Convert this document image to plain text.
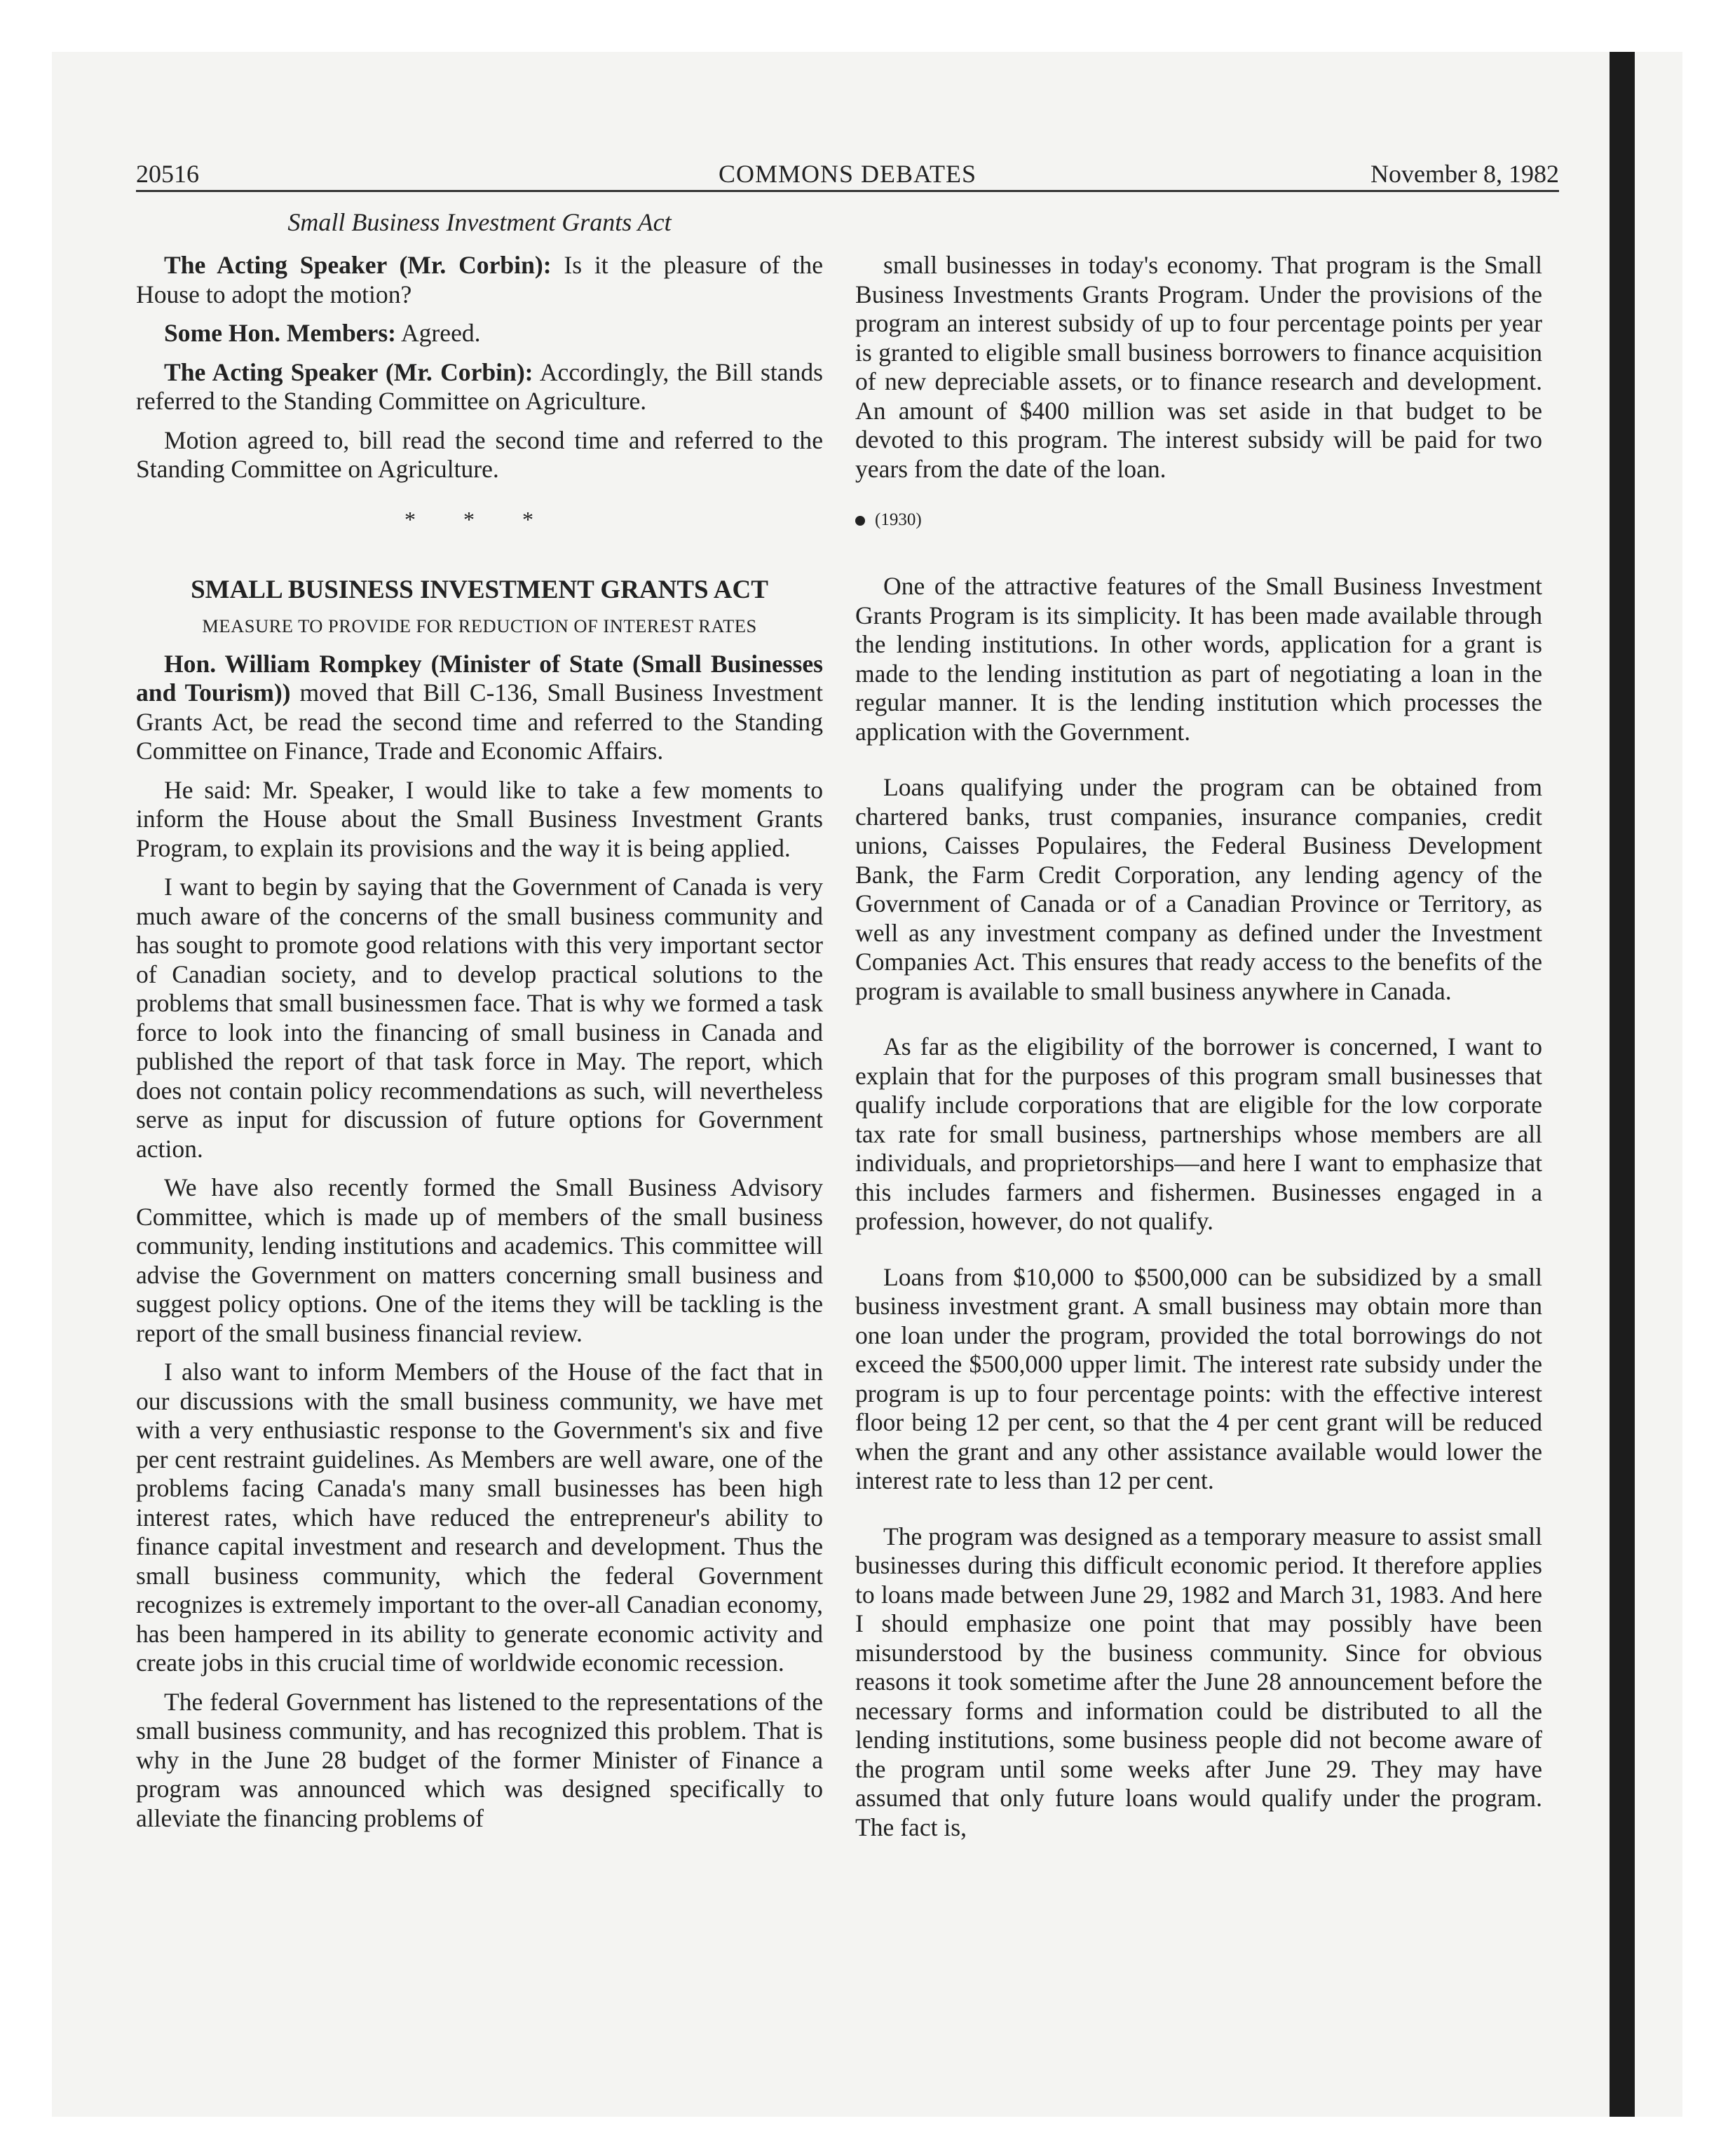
20516	COMMONS DEBATES	November 8, 1982
Small Business Investment Grants Act

The Acting Speaker (Mr. Corbin): Is it the pleasure of the House to adopt the motion?

Some Hon. Members: Agreed.

The Acting Speaker (Mr. Corbin): Accordingly, the Bill stands referred to the Standing Committee on Agriculture.

Motion agreed to, bill read the second time and referred to the Standing Committee on Agriculture.

* * *
SMALL BUSINESS INVESTMENT GRANTS ACT
MEASURE TO PROVIDE FOR REDUCTION OF INTEREST RATES

Hon. William Rompkey (Minister of State (Small Businesses and Tourism)) moved that Bill C-136, Small Business Investment Grants Act, be read the second time and referred to the Standing Committee on Finance, Trade and Economic Affairs.

He said: Mr. Speaker, I would like to take a few moments to inform the House about the Small Business Investment Grants Program, to explain its provisions and the way it is being applied.

I want to begin by saying that the Government of Canada is very much aware of the concerns of the small business community and has sought to promote good relations with this very important sector of Canadian society, and to develop practical solutions to the problems that small businessmen face. That is why we formed a task force to look into the financing of small business in Canada and published the report of that task force in May. The report, which does not contain policy recommendations as such, will nevertheless serve as input for discussion of future options for Government action.

We have also recently formed the Small Business Advisory Committee, which is made up of members of the small business community, lending institutions and academics. This committee will advise the Government on matters concerning small business and suggest policy options. One of the items they will be tackling is the report of the small business financial review.

I also want to inform Members of the House of the fact that in our discussions with the small business community, we have met with a very enthusiastic response to the Government's six and five per cent restraint guidelines. As Members are well aware, one of the problems facing Canada's many small businesses has been high interest rates, which have reduced the entrepreneur's ability to finance capital investment and research and development. Thus the small business community, which the federal Government recognizes is extremely important to the over-all Canadian economy, has been hampered in its ability to generate economic activity and create jobs in this crucial time of worldwide economic recession.

The federal Government has listened to the representations of the small business community, and has recognized this problem. That is why in the June 28 budget of the former Minister of Finance a program was announced which was designed specifically to alleviate the financing problems of

small businesses in today's economy. That program is the Small Business Investments Grants Program. Under the provisions of the program an interest subsidy of up to four percentage points per year is granted to eligible small business borrowers to finance acquisition of new depreciable assets, or to finance research and development. An amount of $400 million was set aside in that budget to be devoted to this program. The interest subsidy will be paid for two years from the date of the loan.

(1930)

One of the attractive features of the Small Business Investment Grants Program is its simplicity. It has been made available through the lending institutions. In other words, application for a grant is made to the lending institution as part of negotiating a loan in the regular manner. It is the lending institution which processes the application with the Government.

Loans qualifying under the program can be obtained from chartered banks, trust companies, insurance companies, credit unions, Caisses Populaires, the Federal Business Development Bank, the Farm Credit Corporation, any lending agency of the Government of Canada or of a Canadian Province or Territory, as well as any investment company as defined under the Investment Companies Act. This ensures that ready access to the benefits of the program is available to small business anywhere in Canada.

As far as the eligibility of the borrower is concerned, I want to explain that for the purposes of this program small businesses that qualify include corporations that are eligible for the low corporate tax rate for small business, partnerships whose members are all individuals, and proprietorships—and here I want to emphasize that this includes farmers and fishermen. Businesses engaged in a profession, however, do not qualify.

Loans from $10,000 to $500,000 can be subsidized by a small business investment grant. A small business may obtain more than one loan under the program, provided the total borrowings do not exceed the $500,000 upper limit. The interest rate subsidy under the program is up to four percentage points: with the effective interest floor being 12 per cent, so that the 4 per cent grant will be reduced when the grant and any other assistance available would lower the interest rate to less than 12 per cent.

The program was designed as a temporary measure to assist small businesses during this difficult economic period. It therefore applies to loans made between June 29, 1982 and March 31, 1983. And here I should emphasize one point that may possibly have been misunderstood by the business community. Since for obvious reasons it took sometime after the June 28 announcement before the necessary forms and information could be distributed to all the lending institutions, some business people did not become aware of the program until some weeks after June 29. They may have assumed that only future loans would qualify under the program. The fact is,
